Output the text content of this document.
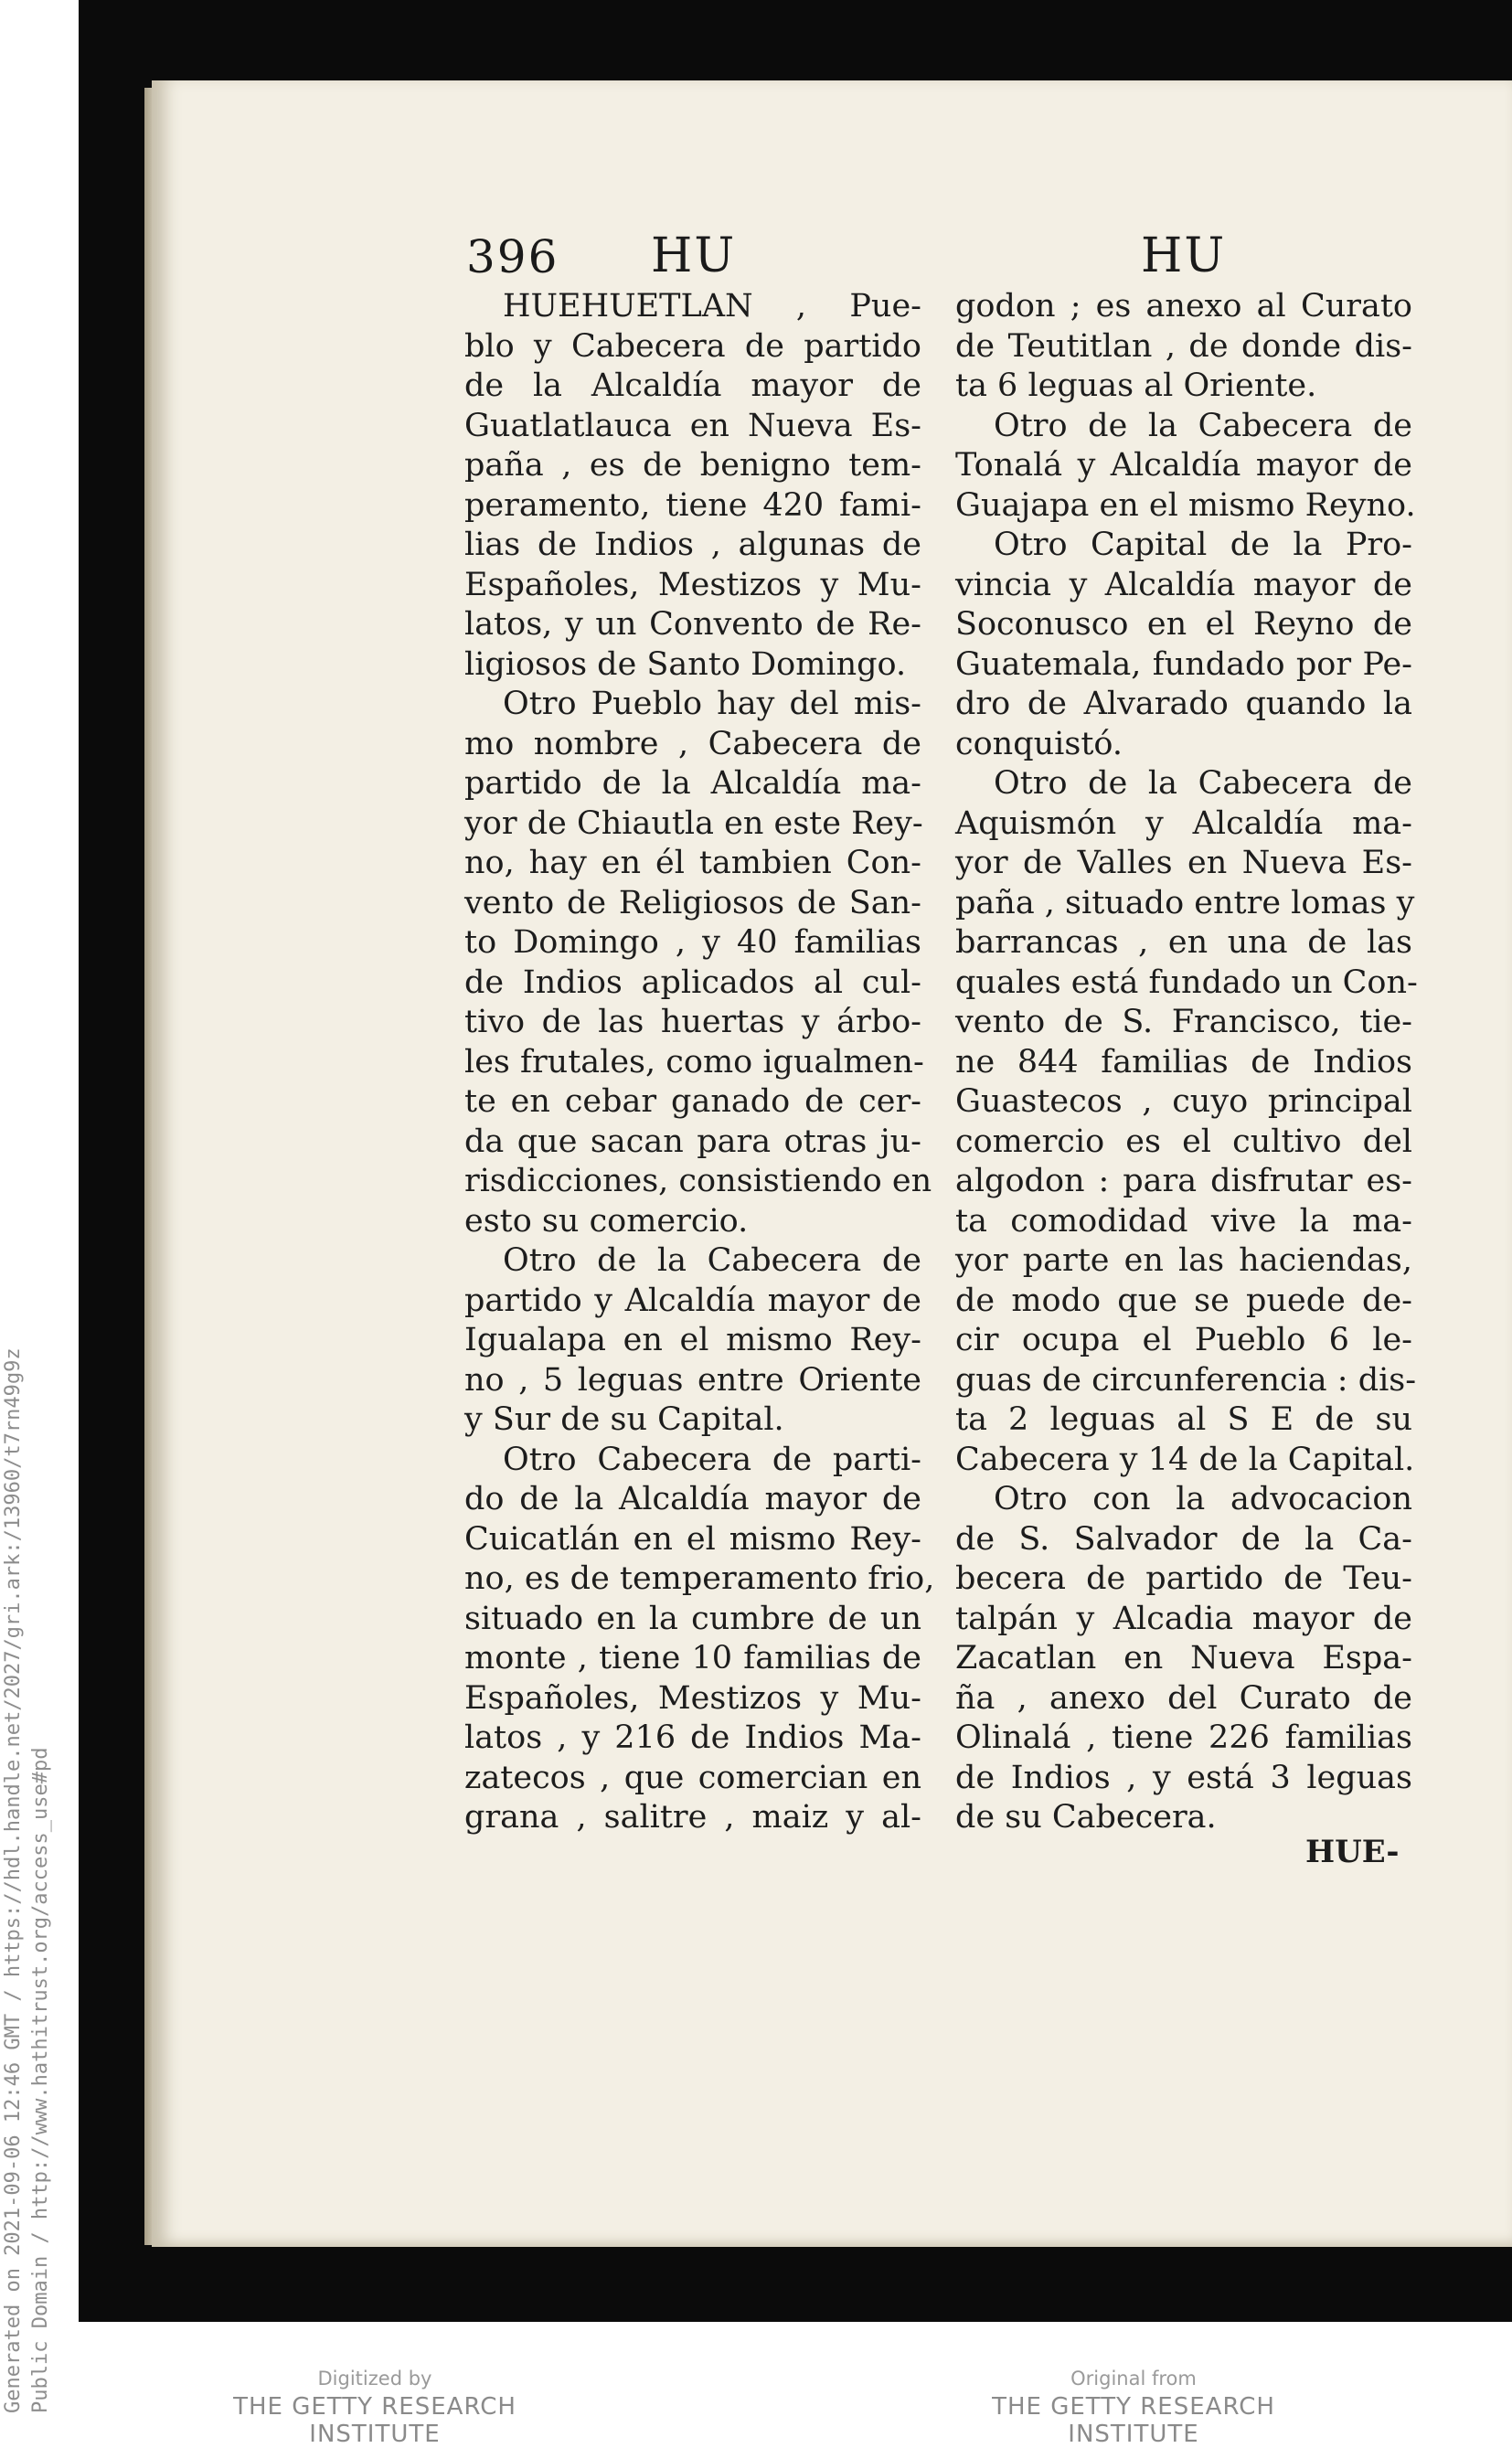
Generated on 2021-09-06 12:46 GMT / https://hdl.handle.net/2027/gri.ark:/13960/t7rn49g9z Public Domain / http://www.hathitrust.org/access_use#pd
396 HU	HU
HUEHUETLAN , Pue-
blo y Cabecera de partido
de la Alcaldía mayor de
Guatlatlauca en Nueva Es-
paña , es de benigno tem-
peramento, tiene 420 fami-
lias de Indios , algunas de
Españoles, Mestizos y Mu-
latos, y un Convento de Re-
ligiosos de Santo Domingo.
Otro Pueblo hay del mis-
mo nombre , Cabecera de
partido de la Alcaldía ma-
yor de Chiautla en este Rey-
no, hay en él tambien Con-
vento de Religiosos de San-
to Domingo , y 40 familias
de Indios aplicados al cul-
tivo de las huertas y árbo-
les frutales, como igualmen-
te en cebar ganado de cer-
da que sacan para otras ju-
risdicciones, consistiendo en
esto su comercio.
Otro de la Cabecera de
partido y Alcaldía mayor de
Igualapa en el mismo Rey-
no , 5 leguas entre Oriente
y Sur de su Capital.
Otro Cabecera de parti-
do de la Alcaldía mayor de
Cuicatlán en el mismo Rey-
no, es de temperamento frio,
situado en la cumbre de un
monte , tiene 10 familias de
Españoles, Mestizos y Mu-
latos , y 216 de Indios Ma-
zatecos , que comercian en
grana , salitre , maiz y al-
godon ; es anexo al Curato
de Teutitlan , de donde dis-
ta 6 leguas al Oriente.
Otro de la Cabecera de
Tonalá y Alcaldía mayor de
Guajapa en el mismo Reyno.
Otro Capital de la Pro-
vincia y Alcaldía mayor de
Soconusco en el Reyno de
Guatemala, fundado por Pe-
dro de Alvarado quando la
conquistó.
Otro de la Cabecera de
Aquismón y Alcaldía ma-
yor de Valles en Nueva Es-
paña , situado entre lomas y
barrancas , en una de las
quales está fundado un Con-
vento de S. Francisco, tie-
ne 844 familias de Indios
Guastecos , cuyo principal
comercio es el cultivo del
algodon : para disfrutar es-
ta comodidad vive la ma-
yor parte en las haciendas,
de modo que se puede de-
cir ocupa el Pueblo 6 le-
guas de circunferencia : dis-
ta 2 leguas al S E de su
Cabecera y 14 de la Capital.
Otro con la advocacion
de S. Salvador de la Ca-
becera de partido de Teu-
talpán y Alcadia mayor de
Zacatlan en Nueva Espa-
ña , anexo del Curato de
Olinalá , tiene 226 familias
de Indios , y está 3 leguas
de su Cabecera.
HUE-
Digitized by
THE GETTY RESEARCH INSTITUTE
Original from
THE GETTY RESEARCH INSTITUTE
